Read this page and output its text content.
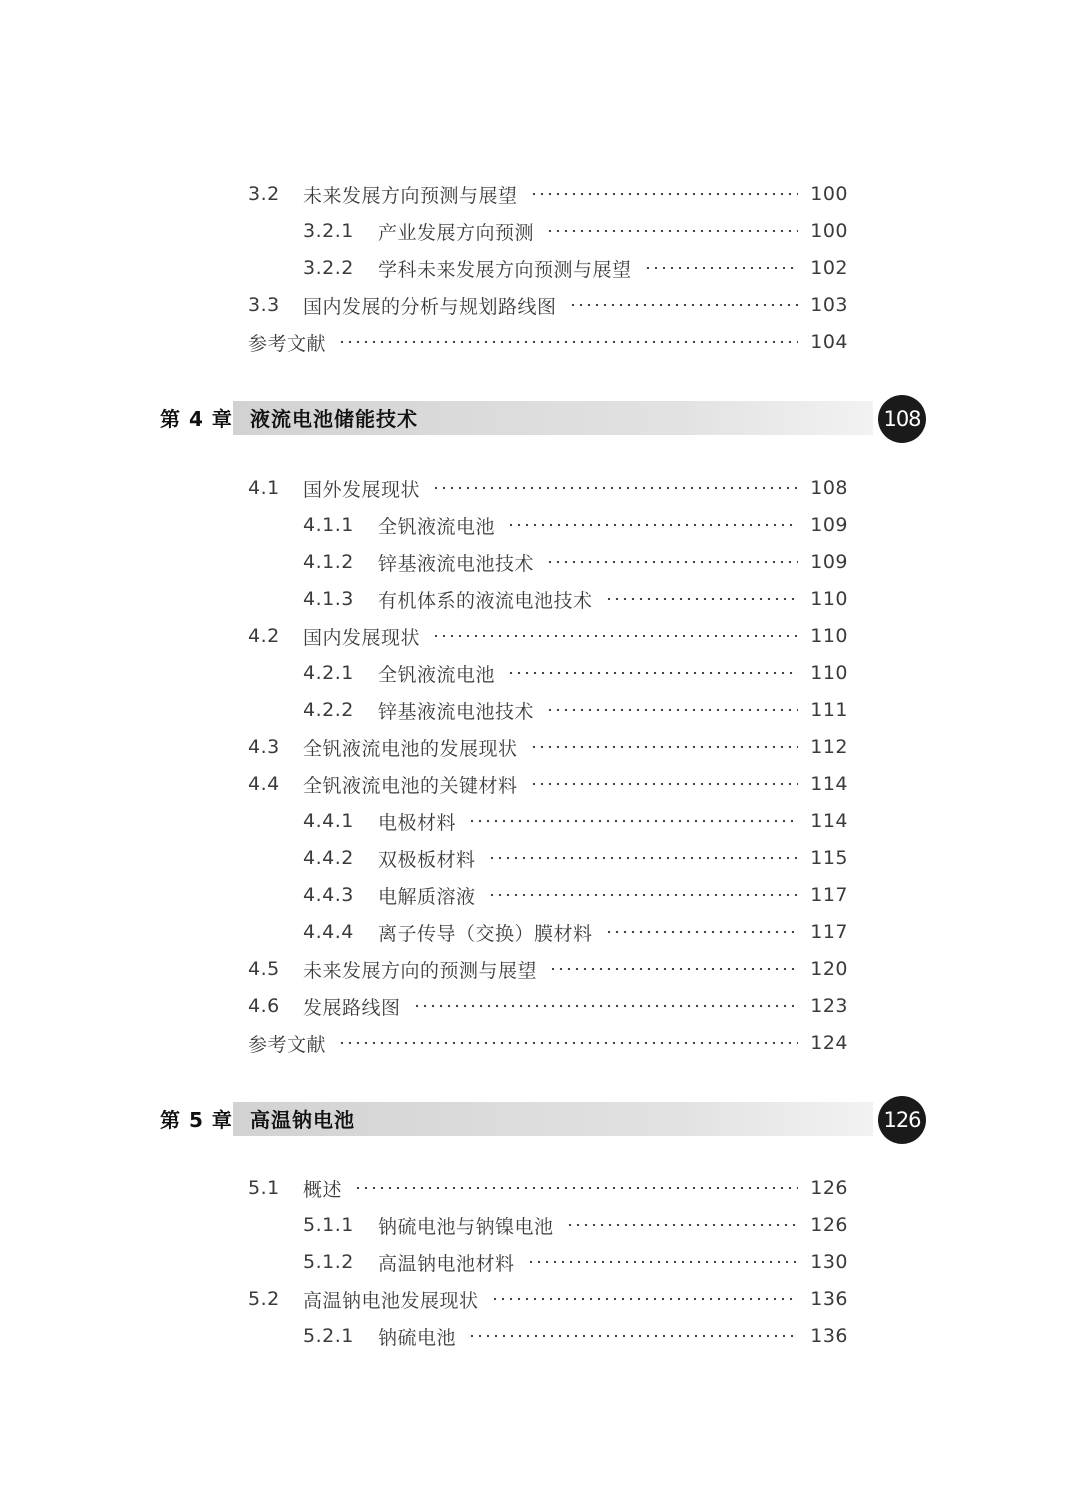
3.2	未来发展方向预测与展望	100
3.2.1	产业发展方向预测	100
3.2.2	学科未来发展方向预测与展望	102
3.3	国内发展的分析与规划路线图	103
参考文献	104
第 4 章 液流电池储能技术	108
4.1	国外发展现状	108
4.1.1	全钒液流电池	109
4.1.2	锌基液流电池技术	109
4.1.3	有机体系的液流电池技术	110
4.2	国内发展现状	110
4.2.1	全钒液流电池	110
4.2.2	锌基液流电池技术	111
4.3	全钒液流电池的发展现状	112
4.4	全钒液流电池的关键材料	114
4.4.1	电极材料	114
4.4.2	双极板材料	115
4.4.3	电解质溶液	117
4.4.4	离子传导（交换）膜材料	117
4.5	未来发展方向的预测与展望	120
4.6	发展路线图	123
参考文献	124
第 5 章 高温钠电池	126
5.1	概述	126
5.1.1	钠硫电池与钠镍电池	126
5.1.2	高温钠电池材料	130
5.2	高温钠电池发展现状	136
5.2.1	钠硫电池	136
